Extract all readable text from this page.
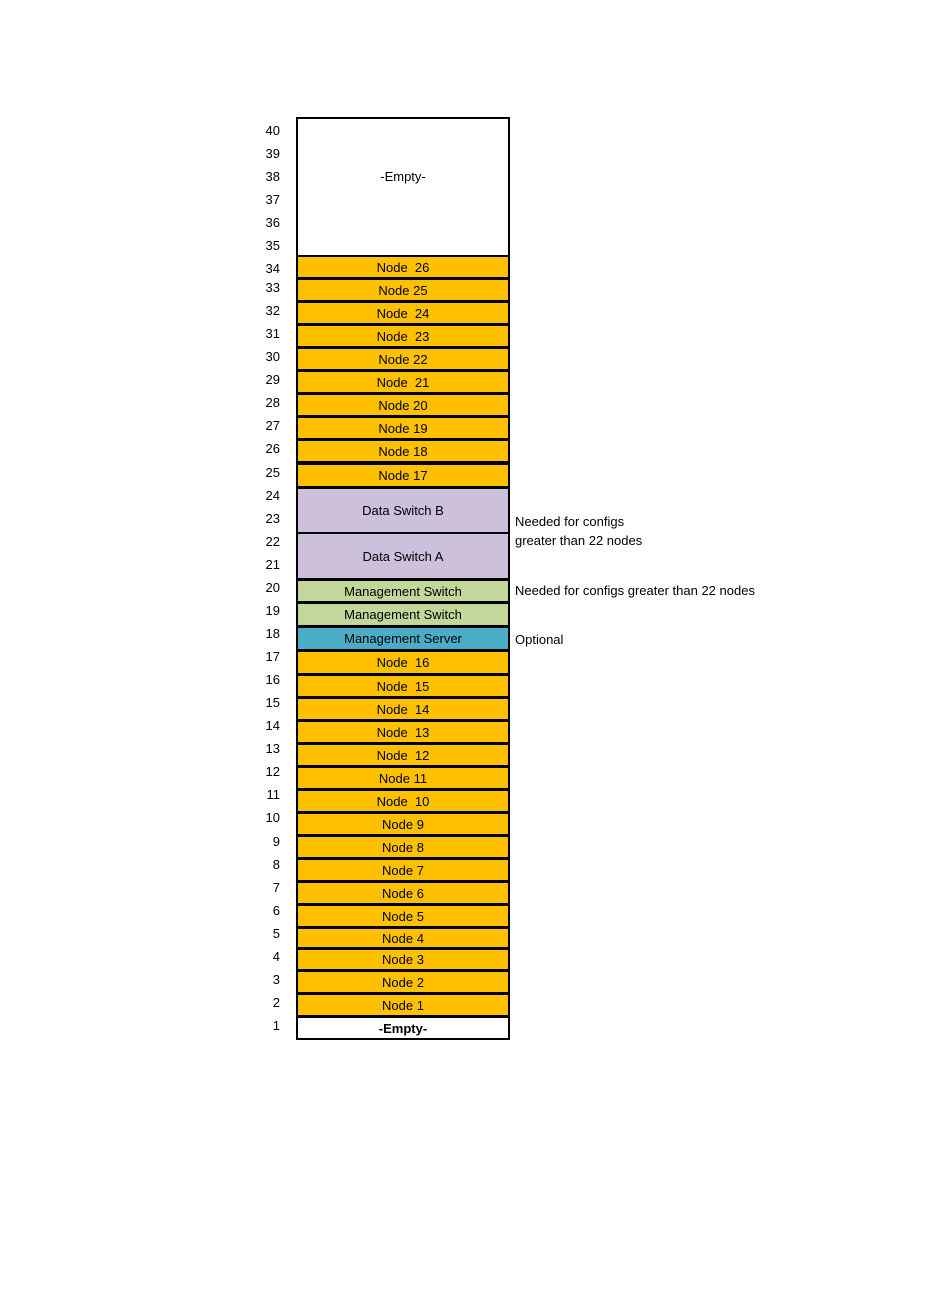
40
39
38
37
36
35
34
33
32
31
30
29
28
27
26
25
24
23
22
21
20
19
18
17
16
15
14
13
12
11
10
9
8
7
6
5
4
3
2
1
-Empty-
Node  26
Node 25
Node  24
Node  23
Node 22
Node  21
Node 20
Node 19
Node 18
Node 17
Data Switch B
Data Switch A
Management Switch
Management Switch
Management Server
Node  16
Node  15
Node  14
Node  13
Node  12
Node 11
Node  10
Node 9
Node 8
Node 7
Node 6
Node 5
Node 4
Node 3
Node 2
Node 1
-Empty-
Needed for configs
greater than 22 nodes
Needed for configs greater than 22 nodes
Optional
